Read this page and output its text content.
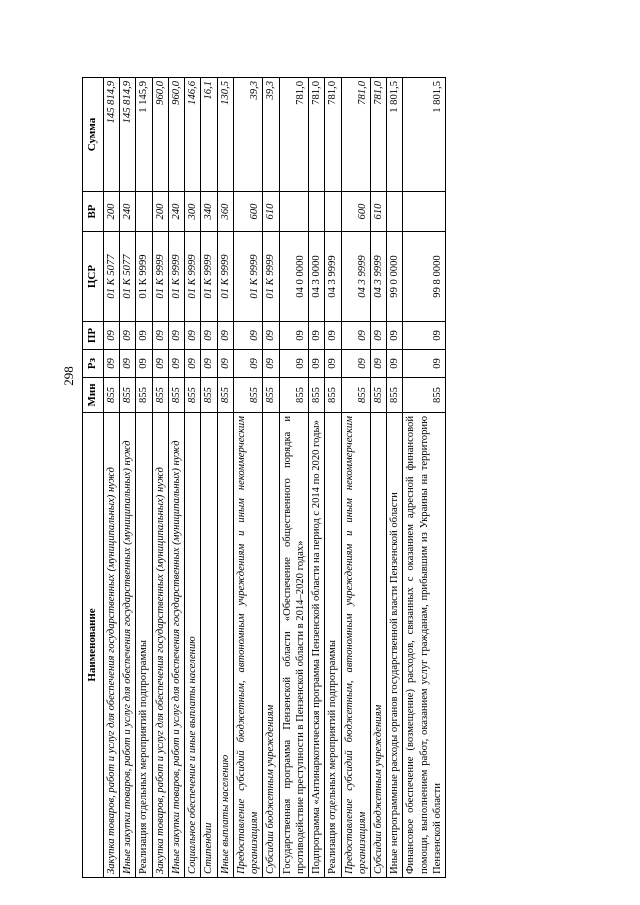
298
Наименование	Мин	Рз	ПР	ЦСР	ВР	Сумма
Закупка товаров, работ и услуг для обеспечения государственных (муниципальных) нужд	855	09	09	01 К 5077	200	145 814,9
Иные закупки товаров, работ и услуг для обеспечения государственных (муниципальных) нужд	855	09	09	01 К 5077	240	145 814,9
Реализация отдельных мероприятий подпрограммы	855	09	09	01 К 9999		1 145,9
Закупка товаров, работ и услуг для обеспечения государственных (муниципальных) нужд	855	09	09	01 К 9999	200	960,0
Иные закупки товаров, работ и услуг для обеспечения государственных (муниципальных) нужд	855	09	09	01 К 9999	240	960,0
Социальное обеспечение и иные выплаты населению	855	09	09	01 К 9999	300	146,6
Стипендии	855	09	09	01 К 9999	340	16,1
Иные выплаты населению	855	09	09	01 К 9999	360	130,5
Предоставление субсидий бюджетным, автономным учреждениям и иным некоммерческим организациям	855	09	09	01 К 9999	600	39,3
Субсидии бюджетным учреждениям	855	09	09	01 К 9999	610	39,3
Государственная программа Пензенской области «Обеспечение общественного порядка и противодействие преступности в Пензенской области в 2014–2020 годах»	855	09	09	04 0 0000		781,0
Подпрограмма «Антинаркотическая программа Пензенской области на период с 2014 по 2020 годы»	855	09	09	04 3 0000		781,0
Реализация отдельных мероприятий подпрограммы	855	09	09	04 3 9999		781,0
Предоставление субсидий бюджетным, автономным учреждениям и иным некоммерческим организациям	855	09	09	04 3 9999	600	781,0
Субсидии бюджетным учреждениям	855	09	09	04 3 9999	610	781,0
Иные непрограммные расходы органов государственной власти Пензенской области	855	09	09	99 0 0000		1 801,5
Финансовое обеспечение (возмещение) расходов, связанных с оказанием адресной финансовой помощи, выполнением работ, оказанием услуг гражданам, прибывшим из Украины на территорию Пензенской области	855	09	09	99 8 0000		1 801,5
